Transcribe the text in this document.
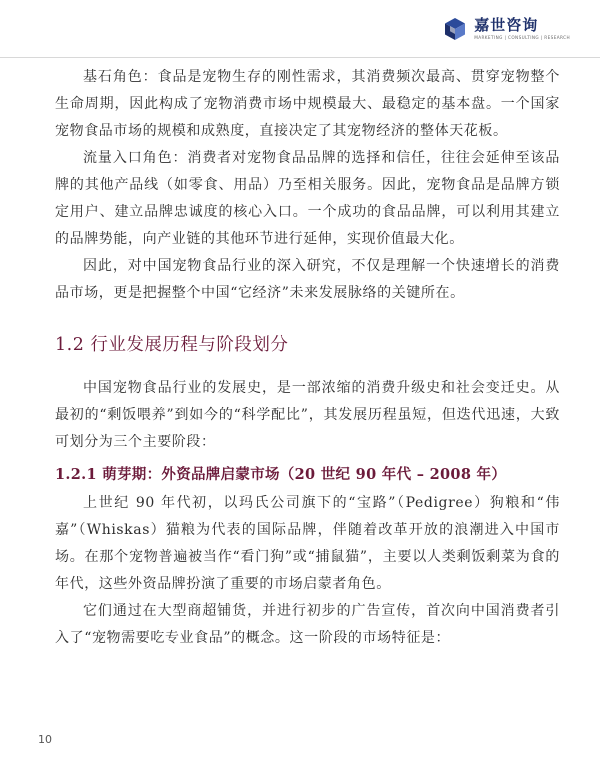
嘉世咨询
MARKETING | CONSULTING | RESEARCH

基石角色：食品是宠物生存的刚性需求，其消费频次最高、贯穿宠物整个生命周期，因此构成了宠物消费市场中规模最大、最稳定的基本盘。一个国家宠物食品市场的规模和成熟度，直接决定了其宠物经济的整体天花板。

流量入口角色：消费者对宠物食品品牌的选择和信任，往往会延伸至该品牌的其他产品线（如零食、用品）乃至相关服务。因此，宠物食品是品牌方锁定用户、建立品牌忠诚度的核心入口。一个成功的食品品牌，可以利用其建立的品牌势能，向产业链的其他环节进行延伸，实现价值最大化。

因此，对中国宠物食品行业的深入研究，不仅是理解一个快速增长的消费品市场，更是把握整个中国“它经济”未来发展脉络的关键所在。

1.2 行业发展历程与阶段划分

中国宠物食品行业的发展史，是一部浓缩的消费升级史和社会变迁史。从最初的“剩饭喂养”到如今的“科学配比”，其发展历程虽短，但迭代迅速，大致可划分为三个主要阶段：

1.2.1 萌芽期：外资品牌启蒙市场（20 世纪 90 年代 – 2008 年）

上世纪 90 年代初，以玛氏公司旗下的“宝路”（Pedigree）狗粮和“伟嘉”（Whiskas）猫粮为代表的国际品牌，伴随着改革开放的浪潮进入中国市场。在那个宠物普遍被当作“看门狗”或“捕鼠猫”，主要以人类剩饭剩菜为食的年代，这些外资品牌扮演了重要的市场启蒙者角色。

它们通过在大型商超铺货，并进行初步的广告宣传，首次向中国消费者引入了“宠物需要吃专业食品”的概念。这一阶段的市场特征是：

10
